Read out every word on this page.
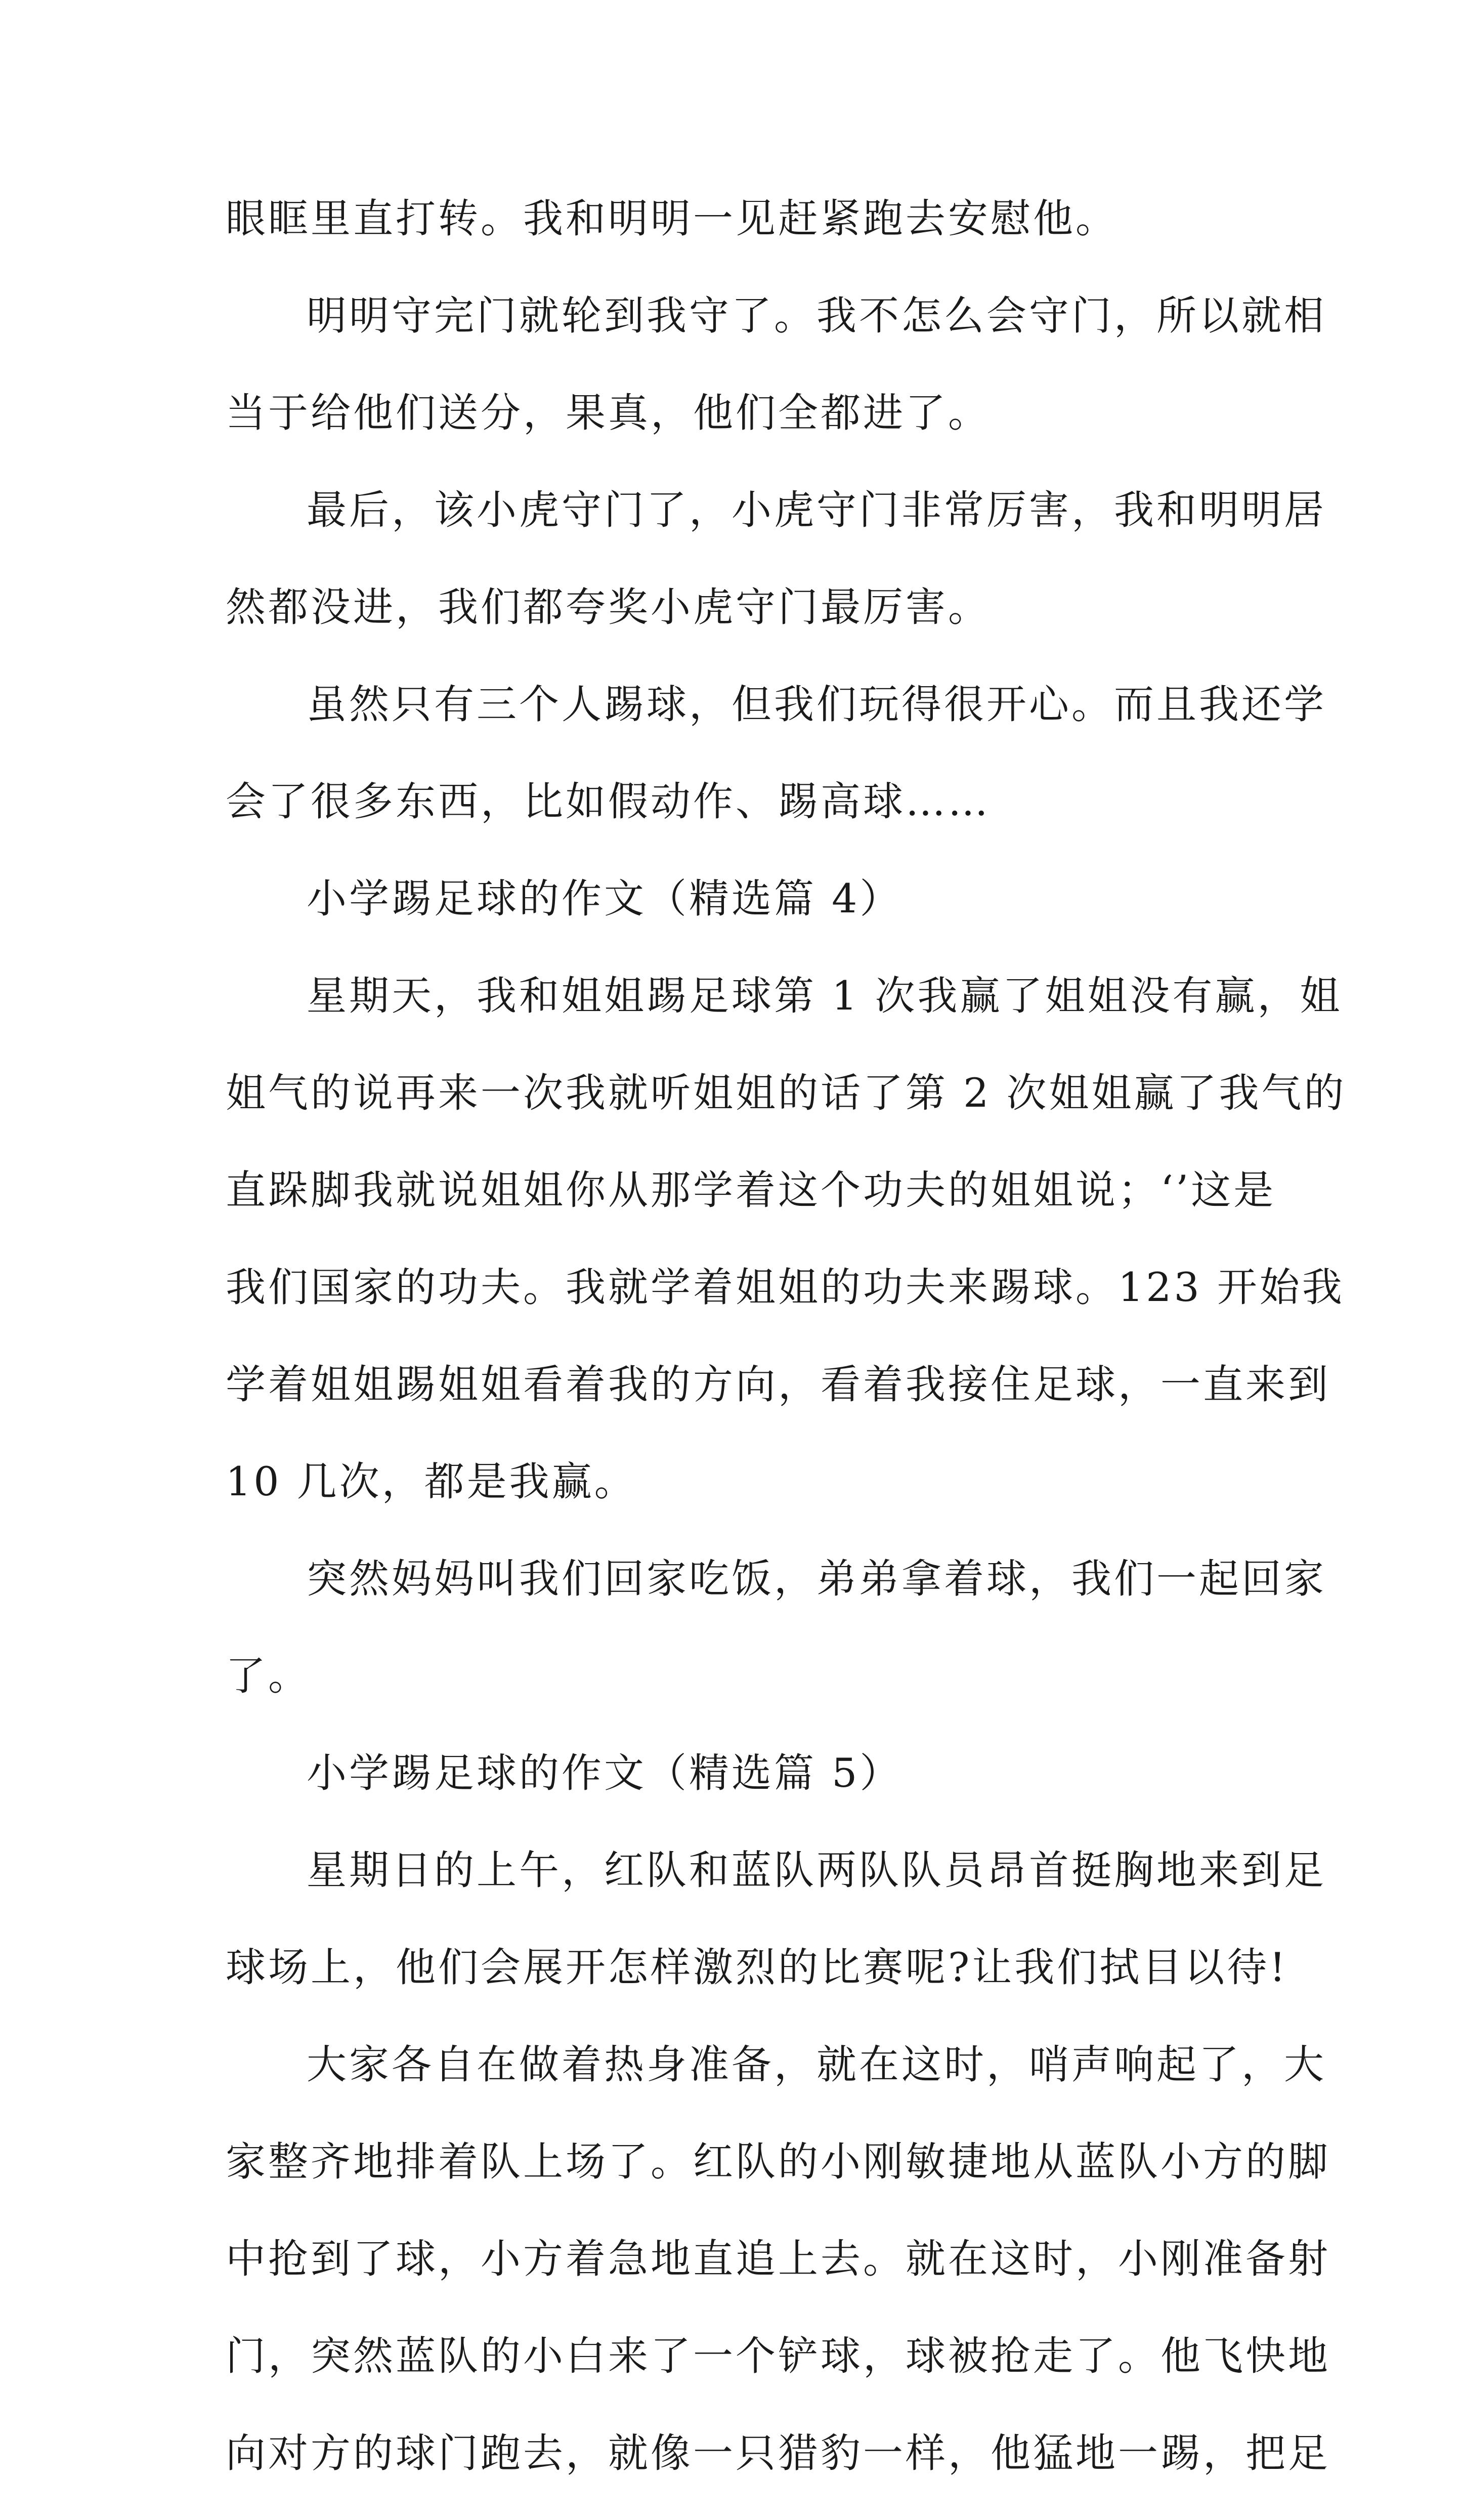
眼眶里直打转。我和明明一见赶紧跑去安慰他。
明明守完门就轮到我守了。我不怎么会守门，所以就相
当于给他们送分，果真，他们全都进了。
最后，该小虎守门了，小虎守门非常厉害，我和明明居
然都没进，我们都夸奖小虎守门最厉害。
虽然只有三个人踢球，但我们玩得很开心。而且我还学
会了很多东西，比如假动作、踢高球……
小学踢足球的作文（精选篇 4）
星期天，我和姐姐踢足球第 1 次我赢了姐姐没有赢，姐
姐气的说再来一次我就听姐姐的话了第 2 次姐姐赢了我气的
直跺脚我就说姐姐你从那学着这个功夫的姐姐说；‘’这是
我们国家的功夫。我就学着姐姐的功夫来踢球。123 开始我
学着姐姐踢姐姐看着我的方向，看着我接住足球，一直来到
10 几次，都是我赢。
突然妈妈叫我们回家吃饭，弟弟拿着球，我们一起回家
了。
小学踢足球的作文（精选篇 5）
星期日的上午，红队和蓝队两队队员昂首挺胸地来到足
球场上，他们会展开怎样激烈的比赛呢?让我们拭目以待!
大家各自在做着热身准备，就在这时，哨声响起了，大
家整齐地排着队上场了。红队的小刚敏捷地从蓝队小方的脚
中抢到了球，小方着急地直追上去。就在这时，小刚准备射
门，突然蓝队的小白来了一个铲球，球被抢走了。他飞快地
向对方的球门跑去，就像一只猎豹一样，他猛地一踢，把足
